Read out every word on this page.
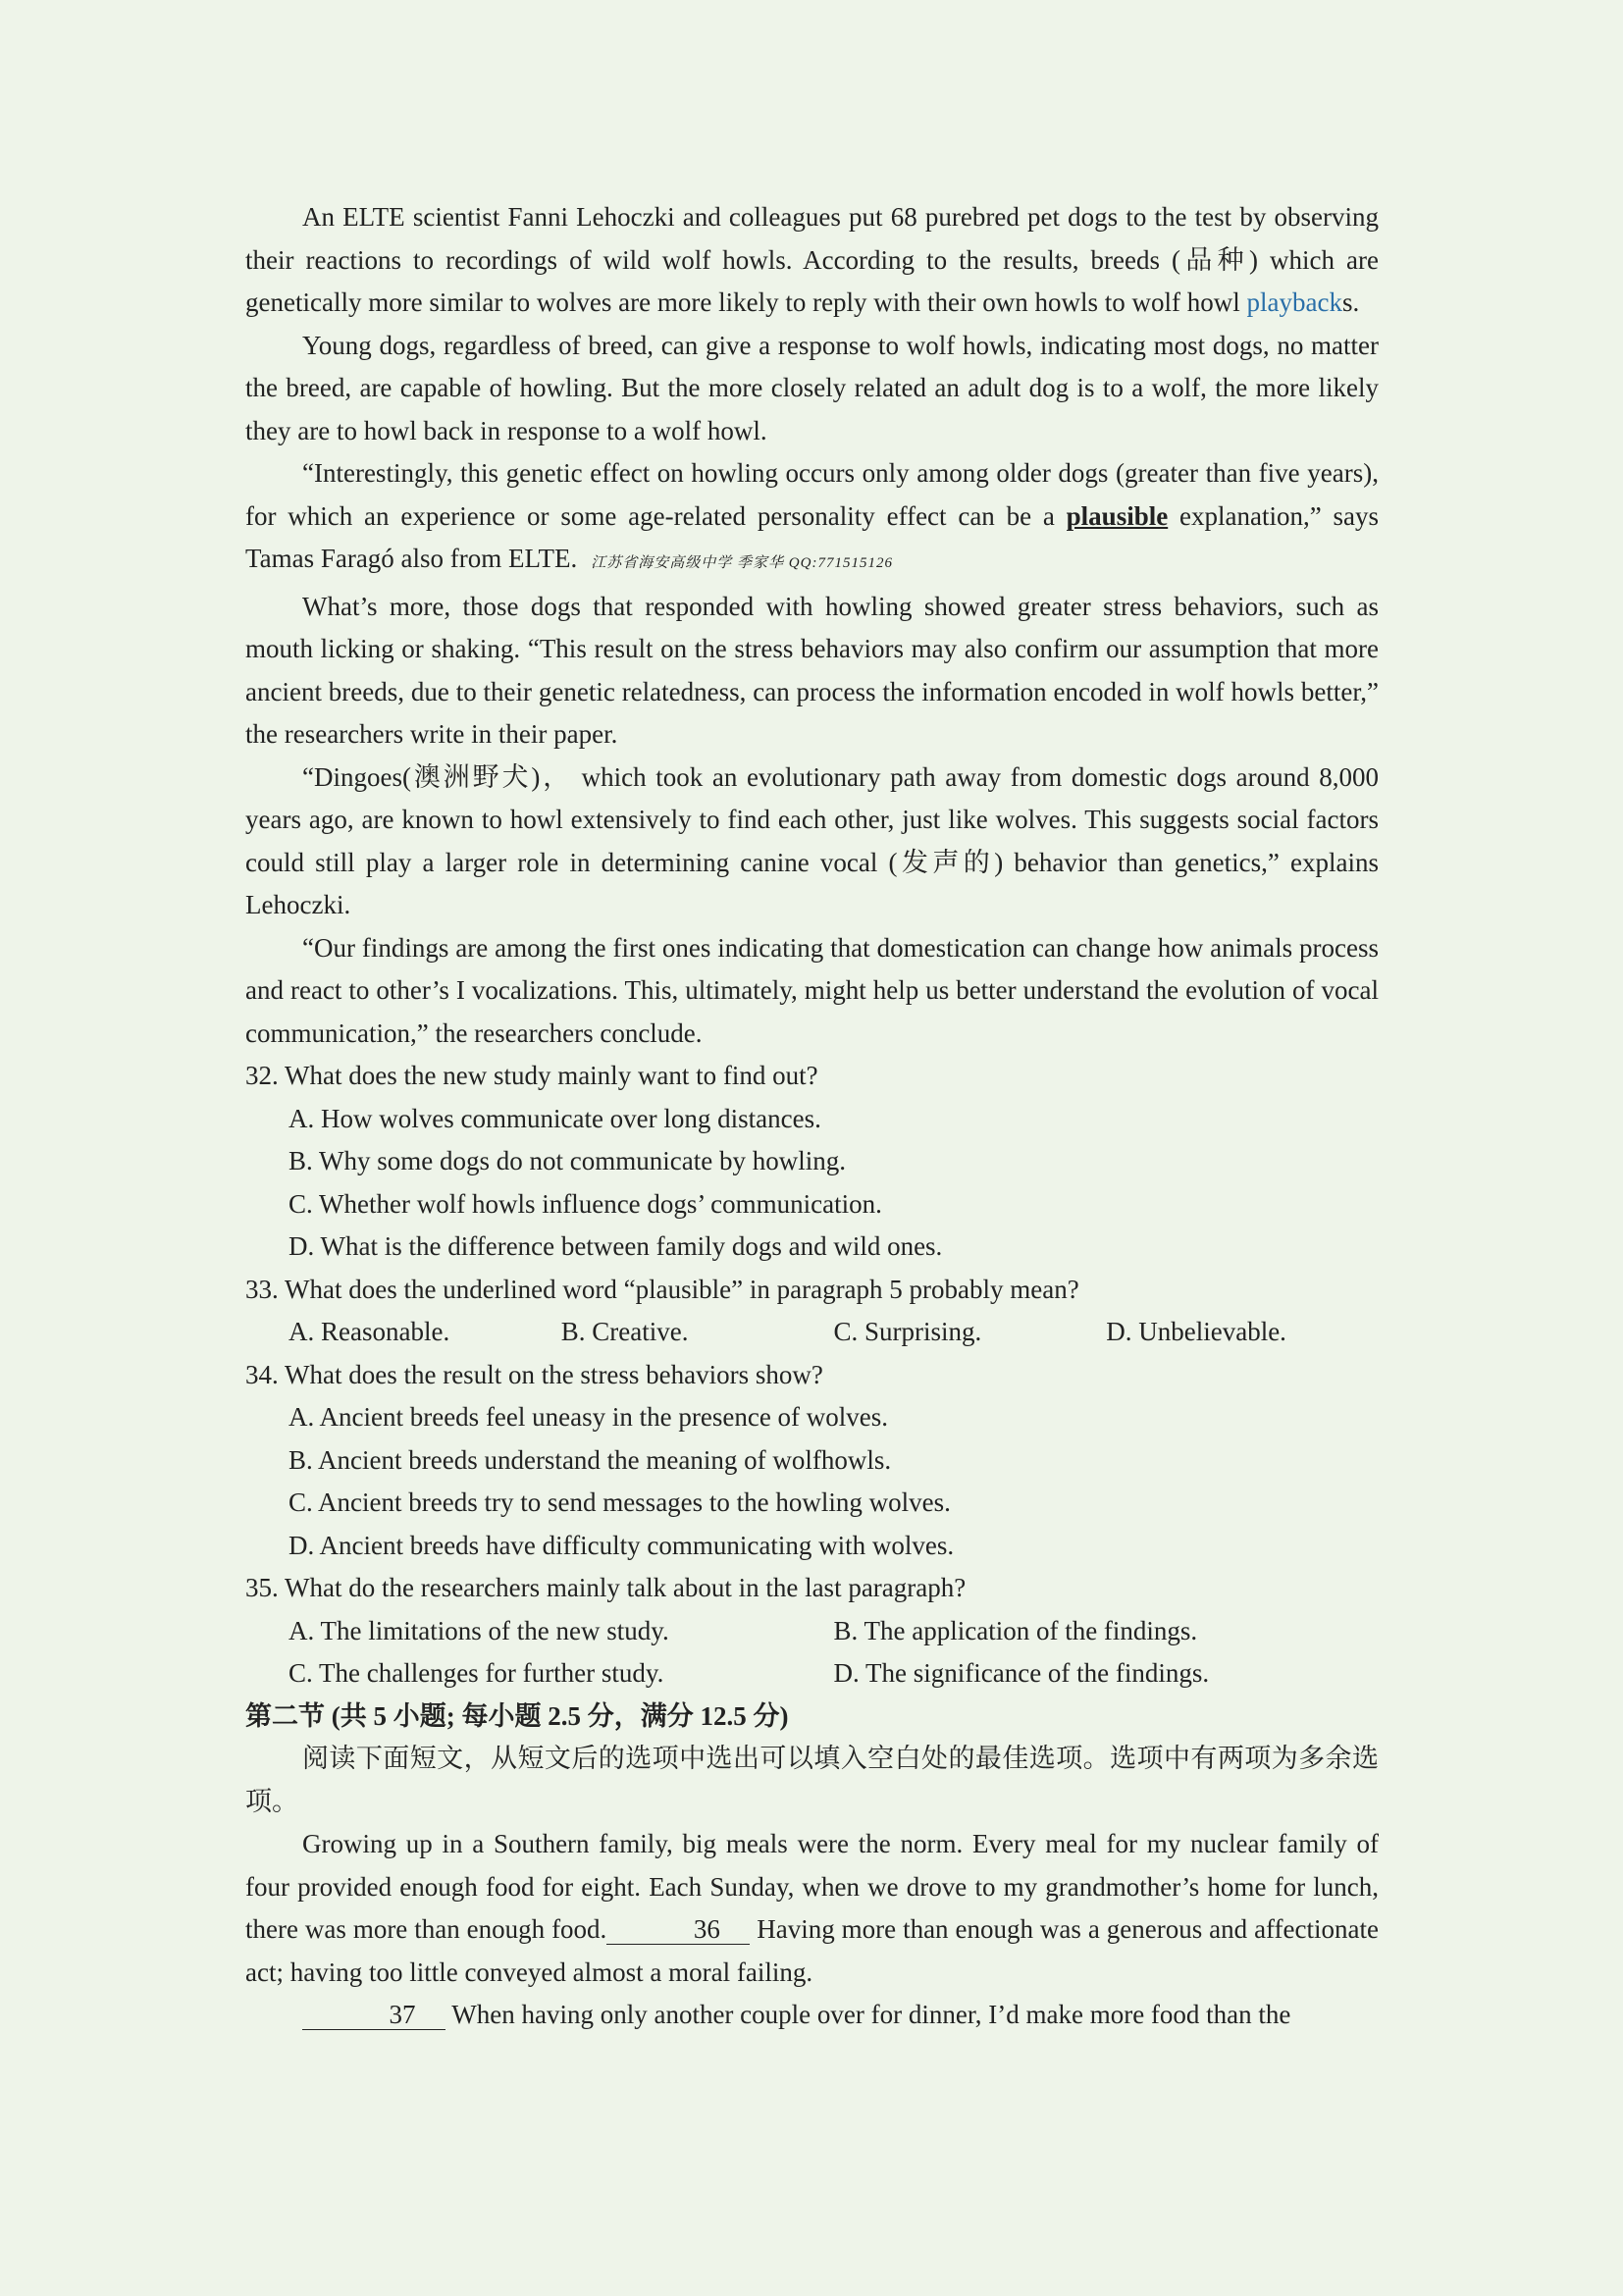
An ELTE scientist Fanni Lehoczki and colleagues put 68 purebred pet dogs to the test by observing their reactions to recordings of wild wolf howls. According to the results, breeds (品种) which are genetically more similar to wolves are more likely to reply with their own howls to wolf howl playbacks.

Young dogs, regardless of breed, can give a response to wolf howls, indicating most dogs, no matter the breed, are capable of howling. But the more closely related an adult dog is to a wolf, the more likely they are to howl back in response to a wolf howl.

“Interestingly, this genetic effect on howling occurs only among older dogs (greater than five years), for which an experience or some age-related personality effect can be a plausible explanation,” says Tamas Faragó also from ELTE. 江苏省海安高级中学 季家华 QQ:771515126

What’s more, those dogs that responded with howling showed greater stress behaviors, such as mouth licking or shaking. “This result on the stress behaviors may also confirm our assumption that more ancient breeds, due to their genetic relatedness, can process the information encoded in wolf howls better,” the researchers write in their paper.

“Dingoes(澳洲野犬)， which took an evolutionary path away from domestic dogs around 8,000 years ago, are known to howl extensively to find each other, just like wolves. This suggests social factors could still play a larger role in determining canine vocal (发声的) behavior than genetics,” explains Lehoczki.

“Our findings are among the first ones indicating that domestication can change how animals process and react to other’s I vocalizations. This, ultimately, might help us better understand the evolution of vocal communication,” the researchers conclude.

32. What does the new study mainly want to find out?

A. How wolves communicate over long distances.

B. Why some dogs do not communicate by howling.

C. Whether wolf howls influence dogs’ communication.

D. What is the difference between family dogs and wild ones.

33. What does the underlined word “plausible” in paragraph 5 probably mean?

A. Reasonable.	B. Creative.	C. Surprising.	D. Unbelievable.

34. What does the result on the stress behaviors show?

A. Ancient breeds feel uneasy in the presence of wolves.

B. Ancient breeds understand the meaning of wolfhowls.

C. Ancient breeds try to send messages to the howling wolves.

D. Ancient breeds have difficulty communicating with wolves.

35. What do the researchers mainly talk about in the last paragraph?

A. The limitations of the new study.	B. The application of the findings.
C. The challenges for further study.	D. The significance of the findings.

第二节 (共 5 小题; 每小题 2.5 分，满分 12.5 分)

阅读下面短文，从短文后的选项中选出可以填入空白处的最佳选项。选项中有两项为多余选项。

Growing up in a Southern family, big meals were the norm. Every meal for my nuclear family of four provided enough food for eight. Each Sunday, when we drove to my grandmother’s home for lunch, there was more than enough food.	36 Having more than enough was a generous and affectionate act; having too little conveyed almost a moral failing.

37 When having only another couple over for dinner, I’d make more food than the
